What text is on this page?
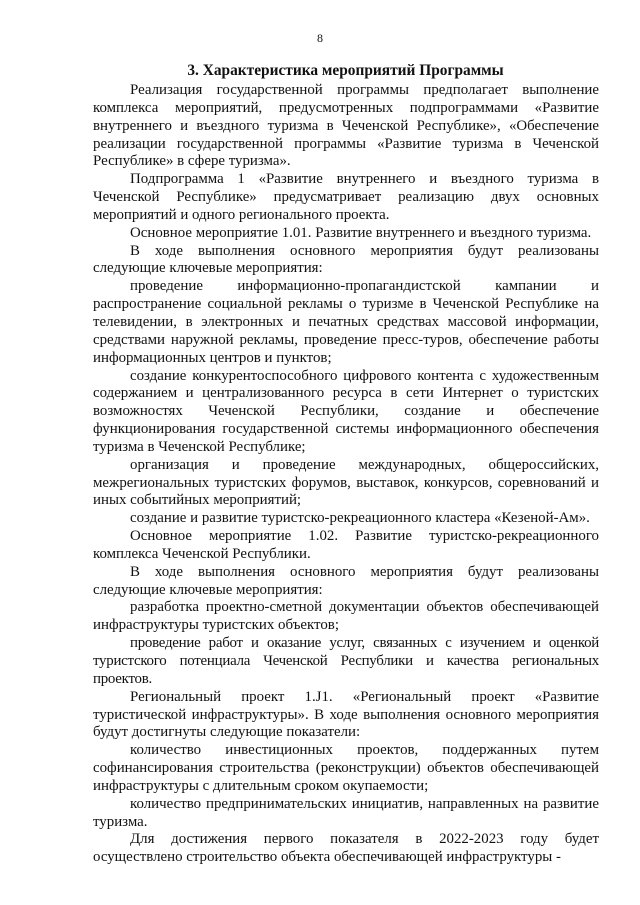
8
3. Характеристика мероприятий Программы

Реализация государственной программы предполагает выполнение комплекса мероприятий, предусмотренных подпрограммами «Развитие внутреннего и въездного туризма в Чеченской Республике», «Обеспечение реализации государственной программы «Развитие туризма в Чеченской Республике» в сфере туризма».

Подпрограмма 1 «Развитие внутреннего и въездного туризма в Чеченской Республике» предусматривает реализацию двух основных мероприятий и одного регионального проекта.

Основное мероприятие 1.01. Развитие внутреннего и въездного туризма.

В ходе выполнения основного мероприятия будут реализованы следующие ключевые мероприятия:

проведение информационно-пропагандистской кампании и распространение социальной рекламы о туризме в Чеченской Республике на телевидении, в электронных и печатных средствах массовой информации, средствами наружной рекламы, проведение пресс-туров, обеспечение работы информационных центров и пунктов;

создание конкурентоспособного цифрового контента с художественным содержанием и централизованного ресурса в сети Интернет о туристских возможностях Чеченской Республики, создание и обеспечение функционирования государственной системы информационного обеспечения туризма в Чеченской Республике;

организация и проведение международных, общероссийских, межрегиональных туристских форумов, выставок, конкурсов, соревнований и иных событийных мероприятий;

создание и развитие туристско-рекреационного кластера «Кезеной-Ам».

Основное мероприятие 1.02. Развитие туристско-рекреационного комплекса Чеченской Республики.

В ходе выполнения основного мероприятия будут реализованы следующие ключевые мероприятия:

разработка проектно-сметной документации объектов обеспечивающей инфраструктуры туристских объектов;

проведение работ и оказание услуг, связанных с изучением и оценкой туристского потенциала Чеченской Республики и качества региональных проектов.

Региональный проект 1.J1. «Региональный проект «Развитие туристической инфраструктуры». В ходе выполнения основного мероприятия будут достигнуты следующие показатели:

количество инвестиционных проектов, поддержанных путем софинансирования строительства (реконструкции) объектов обеспечивающей инфраструктуры с длительным сроком окупаемости;

количество предпринимательских инициатив, направленных на развитие туризма.

Для достижения первого показателя в 2022-2023 году будет осуществлено строительство объекта обеспечивающей инфраструктуры -
